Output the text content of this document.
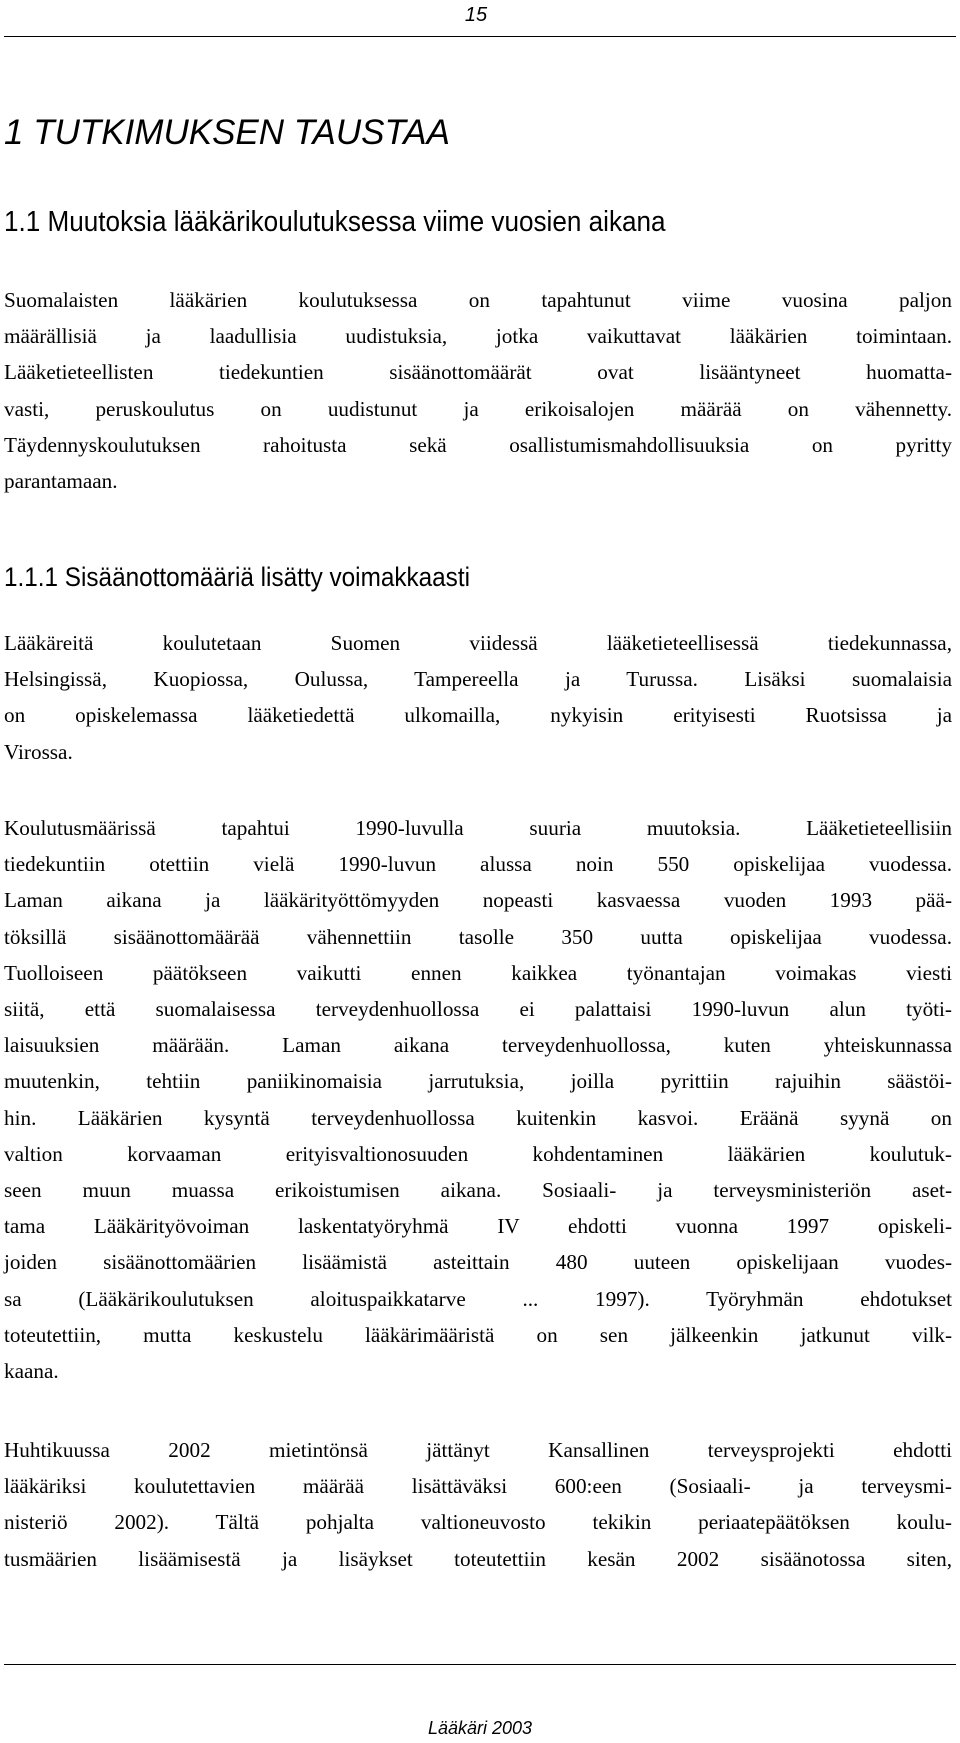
15
1 TUTKIMUKSEN TAUSTAA
1.1 Muutoksia lääkärikoulutuksessa viime vuosien aikana

Suomalaisten lääkärien koulutuksessa on tapahtunut viime vuosina paljon
määrällisiä ja laadullisia uudistuksia, jotka vaikuttavat lääkärien toimintaan.
Lääketieteellisten tiedekuntien sisäänottomäärät ovat lisääntyneet huomatta-
vasti, peruskoulutus on uudistunut ja erikoisalojen määrää on vähennetty.
Täydennyskoulutuksen rahoitusta sekä osallistumismahdollisuuksia on pyritty
parantamaan.

1.1.1 Sisäänottomääriä lisätty voimakkaasti

Lääkäreitä koulutetaan Suomen viidessä lääketieteellisessä tiedekunnassa,
Helsingissä, Kuopiossa, Oulussa, Tampereella ja Turussa. Lisäksi suomalaisia
on opiskelemassa lääketiedettä ulkomailla, nykyisin erityisesti Ruotsissa ja
Virossa.

Koulutusmäärissä tapahtui 1990-luvulla suuria muutoksia. Lääketieteellisiin
tiedekuntiin otettiin vielä 1990-luvun alussa noin 550 opiskelijaa vuodessa.
Laman aikana ja lääkärityöttömyyden nopeasti kasvaessa vuoden 1993 pää-
töksillä sisäänottomäärää vähennettiin tasolle 350 uutta opiskelijaa vuodessa.
Tuolloiseen päätökseen vaikutti ennen kaikkea työnantajan voimakas viesti
siitä, että suomalaisessa terveydenhuollossa ei palattaisi 1990-luvun alun työti-
laisuuksien määrään. Laman aikana terveydenhuollossa, kuten yhteiskunnassa
muutenkin, tehtiin paniikinomaisia jarrutuksia, joilla pyrittiin rajuihin säästöi-
hin. Lääkärien kysyntä terveydenhuollossa kuitenkin kasvoi. Eräänä syynä on
valtion korvaaman erityisvaltionosuuden kohdentaminen lääkärien koulutuk-
seen muun muassa erikoistumisen aikana. Sosiaali- ja terveysministeriön aset-
tama Lääkärityövoiman laskentatyöryhmä IV ehdotti vuonna 1997 opiskeli-
joiden sisäänottomäärien lisäämistä asteittain 480 uuteen opiskelijaan vuodes-
sa (Lääkärikoulutuksen aloituspaikkatarve ... 1997). Työryhmän ehdotukset
toteutettiin, mutta keskustelu lääkärimääristä on sen jälkeenkin jatkunut vilk-
kaana.

Huhtikuussa 2002 mietintönsä jättänyt Kansallinen terveysprojekti ehdotti
lääkäriksi koulutettavien määrää lisättäväksi 600:een (Sosiaali- ja terveysmi-
nisteriö 2002). Tältä pohjalta valtioneuvosto tekikin periaatepäätöksen koulu-
tusmäärien lisäämisestä ja lisäykset toteutettiin kesän 2002 sisäänotossa siten,

Lääkäri 2003
